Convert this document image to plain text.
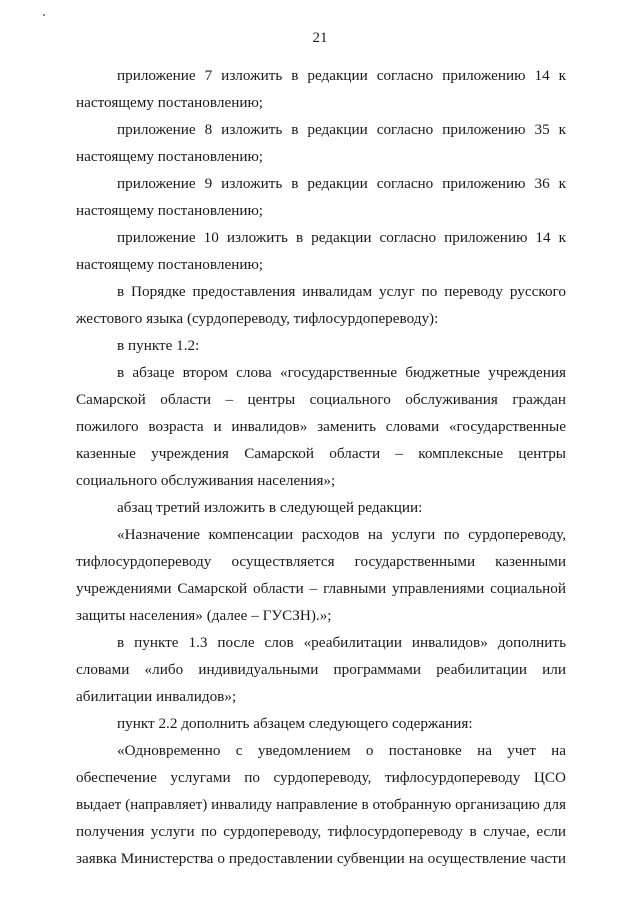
21

приложение 7 изложить в редакции согласно приложению 14 к настоящему постановлению;

приложение 8 изложить в редакции согласно приложению 35 к настоящему постановлению;

приложение 9 изложить в редакции согласно приложению 36 к настоящему постановлению;

приложение 10 изложить в редакции согласно приложению 14 к настоящему постановлению;

в Порядке предоставления инвалидам услуг по переводу русского жестового языка (сурдопереводу, тифлосурдопереводу):

в пункте 1.2:

в абзаце втором слова «государственные бюджетные учреждения Самарской области – центры социального обслуживания граждан пожилого возраста и инвалидов» заменить словами «государственные казенные учреждения Самарской области – комплексные центры социального обслуживания населения»;

абзац третий изложить в следующей редакции:

«Назначение компенсации расходов на услуги по сурдопереводу, тифлосурдопереводу осуществляется государственными казенными учреждениями Самарской области – главными управлениями социальной защиты населения» (далее – ГУСЗН).»;

в пункте 1.3 после слов «реабилитации инвалидов» дополнить словами «либо индивидуальными программами реабилитации или абилитации инвалидов»;

пункт 2.2 дополнить абзацем следующего содержания:

«Одновременно с уведомлением о постановке на учет на обеспечение услугами по сурдопереводу, тифлосурдопереводу ЦСО выдает (направляет) инвалиду направление в отобранную организацию для получения услуги по сурдопереводу, тифлосурдопереводу в случае, если заявка Министерства о предоставлении субвенции на осуществление части
